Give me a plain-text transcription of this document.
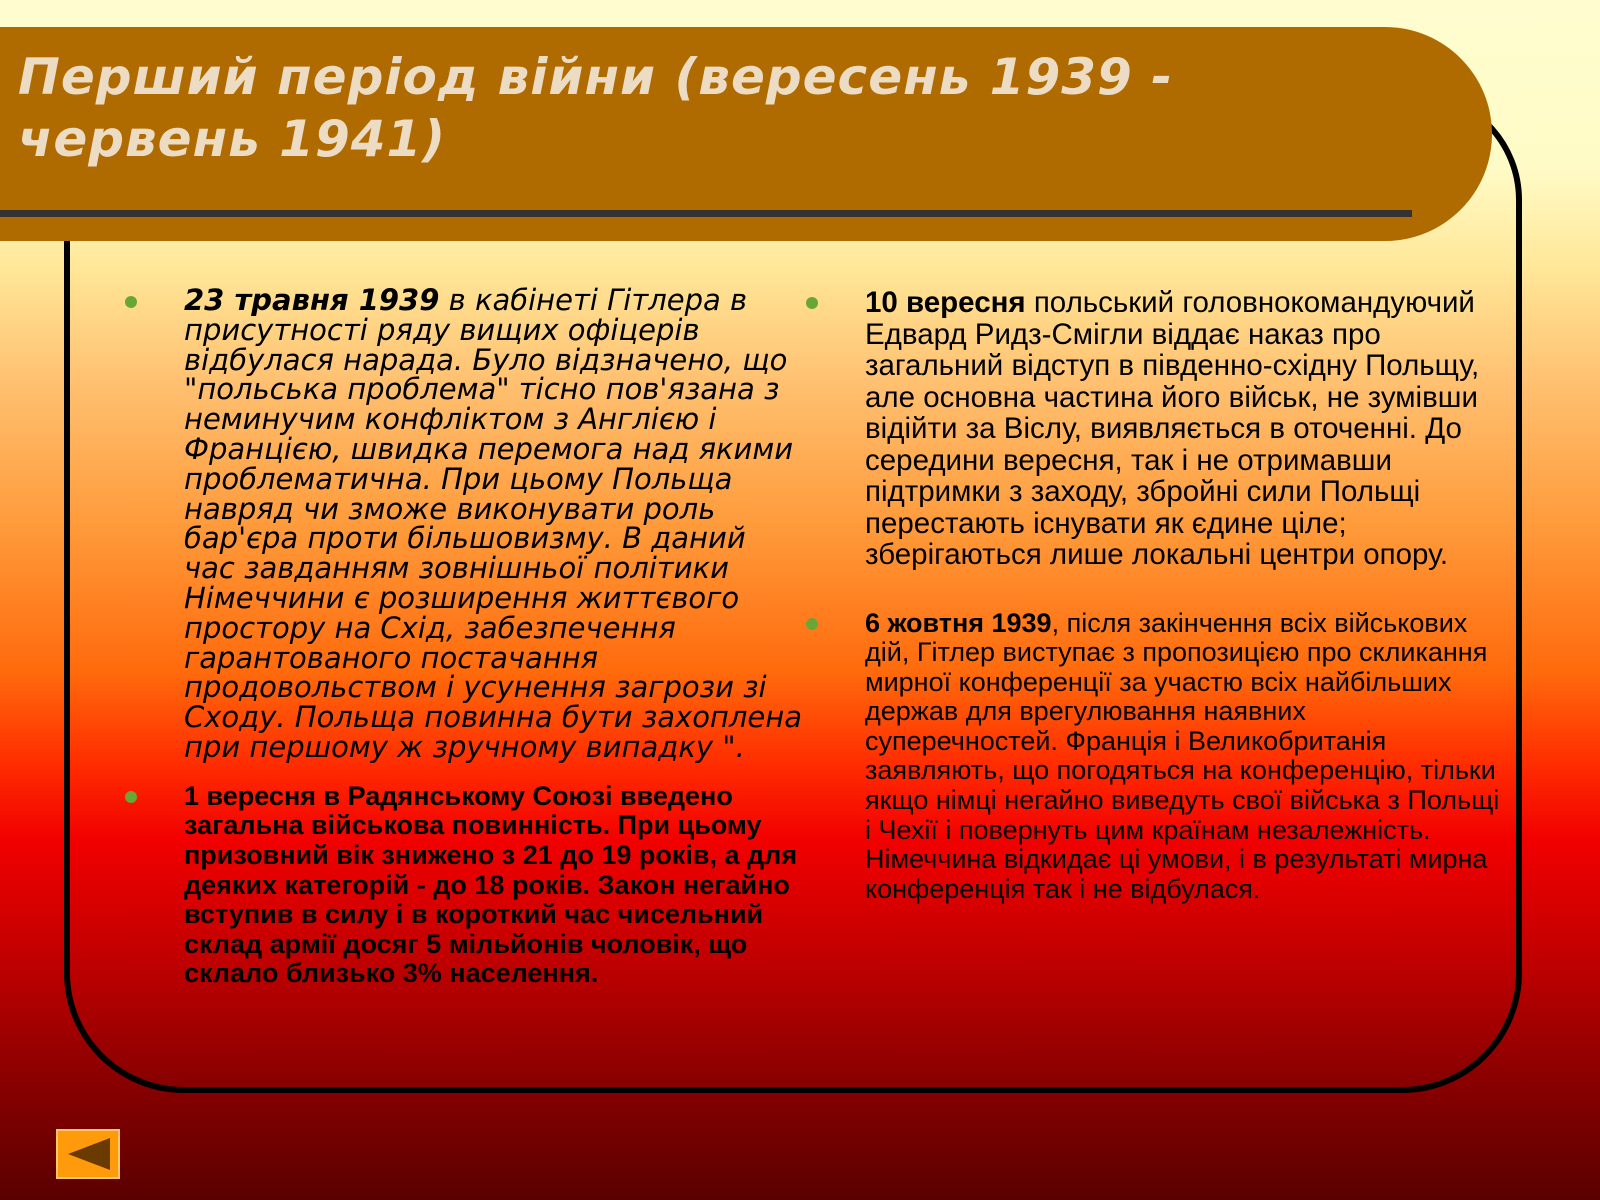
Перший період війни (вересень 1939 - червень 1941)
23 травня 1939 в кабінеті Гітлера в присутності ряду вищих офіцерів відбулася нарада. Було відзначено, що "польська проблема" тісно пов'язана з неминучим конфліктом з Англією і Францією, швидка перемога над якими проблематична. При цьому Польща навряд чи зможе виконувати роль бар'єра проти більшовизму. В даний час завданням зовнішньої політики Німеччини є розширення життєвого простору на Схід, забезпечення гарантованого постачання продовольством і усунення загрози зі Сходу. Польща повинна бути захоплена при першому ж зручному випадку ".
1 вересня в Радянському Союзі введено загальна військова повинність. При цьому призовний вік знижено з 21 до 19 років, а для деяких категорій - до 18 років. Закон негайно вступив в силу і в короткий час чисельний склад армії досяг 5 мільйонів чоловік, що склало близько 3% населення.
10 вересня польський головнокомандуючий Едвард Ридз-Смігли віддає наказ про загальний відступ в південно-східну Польщу, але основна частина його військ, не зумівши відійти за Віслу, виявляється в оточенні. До середини вересня, так і не отримавши підтримки з заходу, збройні сили Польщі перестають існувати як єдине ціле; зберігаються лише локальні центри опору.
6 жовтня 1939, після закінчення всіх військових дій, Гітлер виступає з пропозицією про скликання мирної конференції за участю всіх найбільших держав для врегулювання наявних суперечностей. Франція і Великобританія заявляють, що погодяться на конференцію, тільки якщо німці негайно виведуть свої війська з Польщі і Чехії і повернуть цим країнам незалежність. Німеччина відкидає ці умови, і в результаті мирна конференція так і не відбулася.
